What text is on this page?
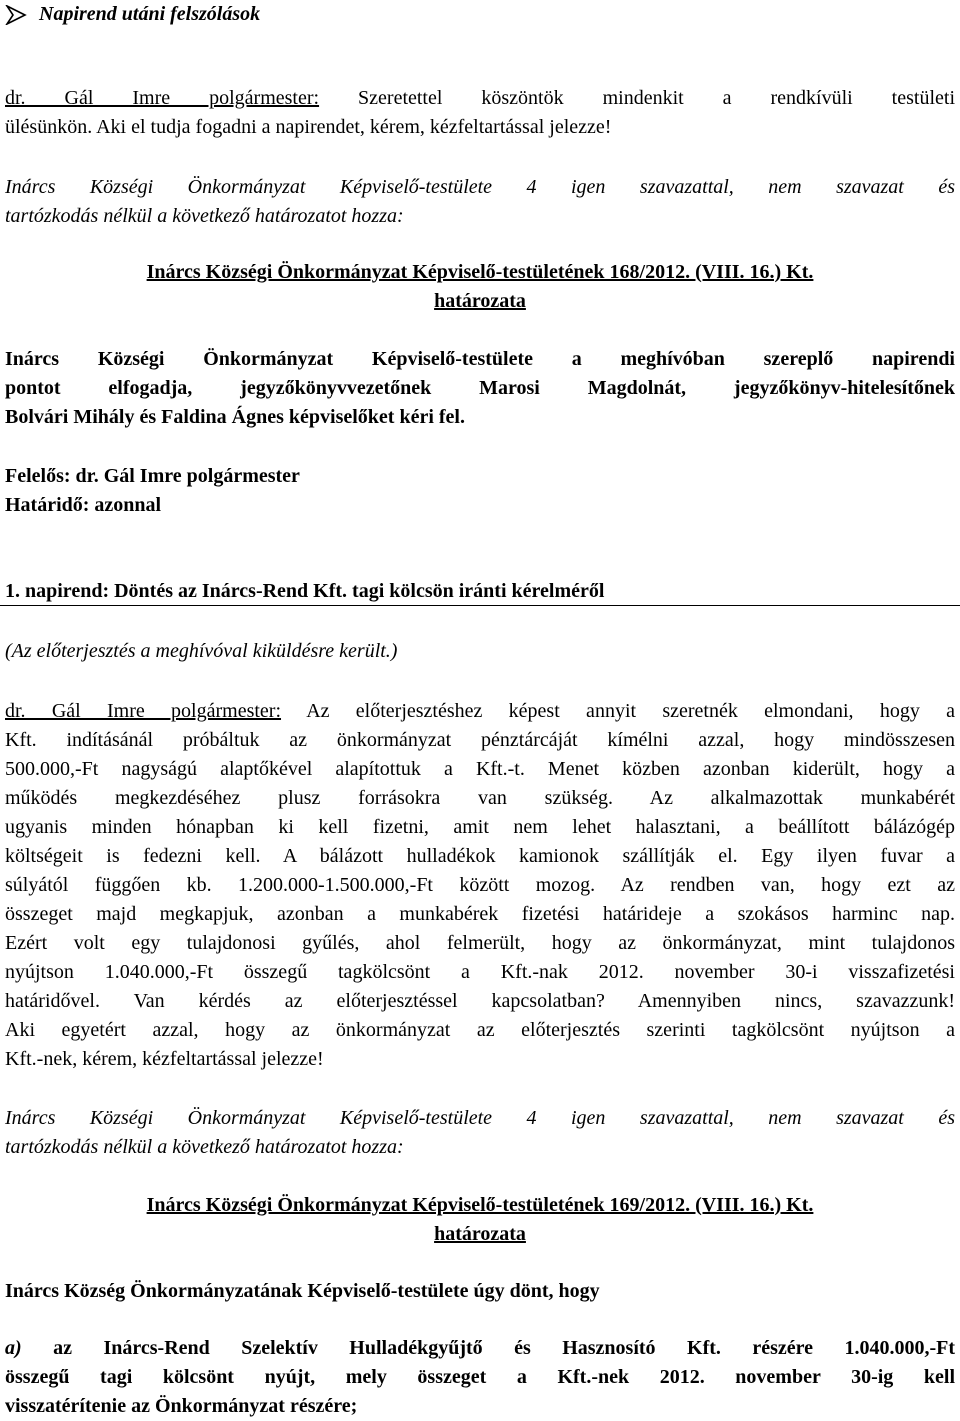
Napirend utáni felszólások

dr. Gál Imre polgármester: Szeretettel köszöntök mindenkit a rendkívüli testületi

ülésünkön. Aki el tudja fogadni a napirendet, kérem, kézfeltartással jelezze!

Inárcs Községi Önkormányzat Képviselő-testülete 4 igen szavazattal, nem szavazat és

tartózkodás nélkül a következő határozatot hozza:

Inárcs Községi Önkormányzat Képviselő-testületének 168/2012. (VIII. 16.) Kt.

határozata

Inárcs Községi Önkormányzat Képviselő-testülete a meghívóban szereplő napirendi

pontot elfogadja, jegyzőkönyvvezetőnek Marosi Magdolnát, jegyzőkönyv-hitelesítőnek

Bolvári Mihály és Faldina Ágnes képviselőket kéri fel.

Felelős: dr. Gál Imre polgármester

Határidő: azonnal

1. napirend: Döntés az Inárcs-Rend Kft. tagi kölcsön iránti kérelméről

(Az előterjesztés a meghívóval kiküldésre került.)

dr. Gál Imre polgármester: Az előterjesztéshez képest annyit szeretnék elmondani, hogy a

Kft. indításánál próbáltuk az önkormányzat pénztárcáját kímélni azzal, hogy mindösszesen

500.000,-Ft nagyságú alaptőkével alapítottuk a Kft.-t. Menet közben azonban kiderült, hogy a

működés megkezdéséhez plusz forrásokra van szükség. Az alkalmazottak munkabérét

ugyanis minden hónapban ki kell fizetni, amit nem lehet halasztani, a beállított bálázógép

költségeit is fedezni kell. A bálázott hulladékok kamionok szállítják el. Egy ilyen fuvar a

súlyától függően kb. 1.200.000-1.500.000,-Ft között mozog. Az rendben van, hogy ezt az

összeget majd megkapjuk, azonban a munkabérek fizetési határideje a szokásos harminc nap.

Ezért volt egy tulajdonosi gyűlés, ahol felmerült, hogy az önkormányzat, mint tulajdonos

nyújtson 1.040.000,-Ft összegű tagkölcsönt a Kft.-nak 2012. november 30-i visszafizetési

határidővel. Van kérdés az előterjesztéssel kapcsolatban? Amennyiben nincs, szavazzunk!

Aki egyetért azzal, hogy az önkormányzat az előterjesztés szerinti tagkölcsönt nyújtson a

Kft.-nek, kérem, kézfeltartással jelezze!

Inárcs Községi Önkormányzat Képviselő-testülete 4 igen szavazattal, nem szavazat és

tartózkodás nélkül a következő határozatot hozza:

Inárcs Községi Önkormányzat Képviselő-testületének 169/2012. (VIII. 16.) Kt.

határozata

Inárcs Község Önkormányzatának Képviselő-testülete úgy dönt, hogy

a) az Inárcs-Rend Szelektív Hulladékgyűjtő és Hasznosító Kft. részére 1.040.000,-Ft

összegű tagi kölcsönt nyújt, mely összeget a Kft.-nek 2012. november 30-ig kell

visszatérítenie az Önkormányzat részére;
